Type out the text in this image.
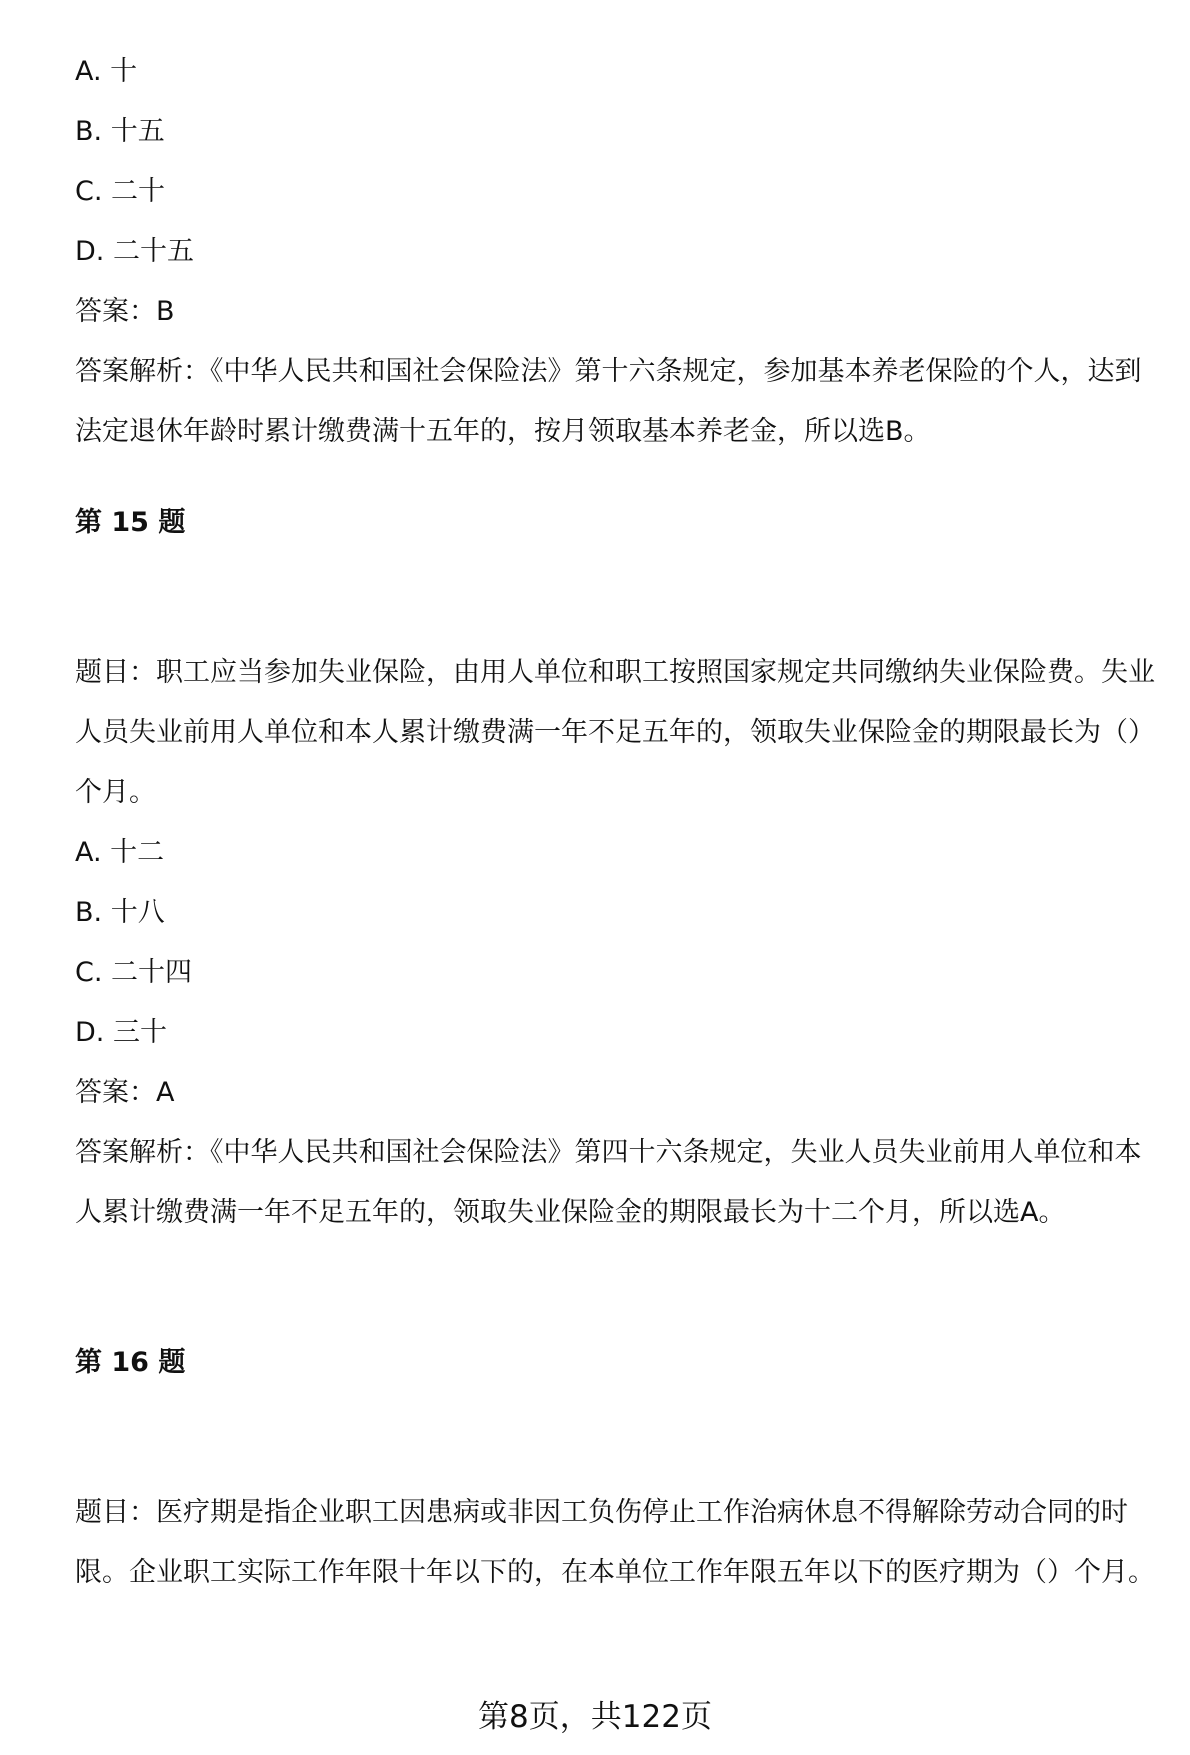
A. 十
B. 十五
C. 二十
D. 二十五
答案：B
答案解析：《中华人民共和国社会保险法》第十六条规定，参加基本养老保险的个人，达到法定退休年龄时累计缴费满十五年的，按月领取基本养老金，所以选B。
第 15 题
题目：职工应当参加失业保险，由用人单位和职工按照国家规定共同缴纳失业保险费。失业人员失业前用人单位和本人累计缴费满一年不足五年的，领取失业保险金的期限最长为（）个月。
A. 十二
B. 十八
C. 二十四
D. 三十
答案：A
答案解析：《中华人民共和国社会保险法》第四十六条规定，失业人员失业前用人单位和本人累计缴费满一年不足五年的，领取失业保险金的期限最长为十二个月，所以选A。
第 16 题
题目：医疗期是指企业职工因患病或非因工负伤停止工作治病休息不得解除劳动合同的时限。企业职工实际工作年限十年以下的，在本单位工作年限五年以下的医疗期为（）个月。
第8页，共122页
